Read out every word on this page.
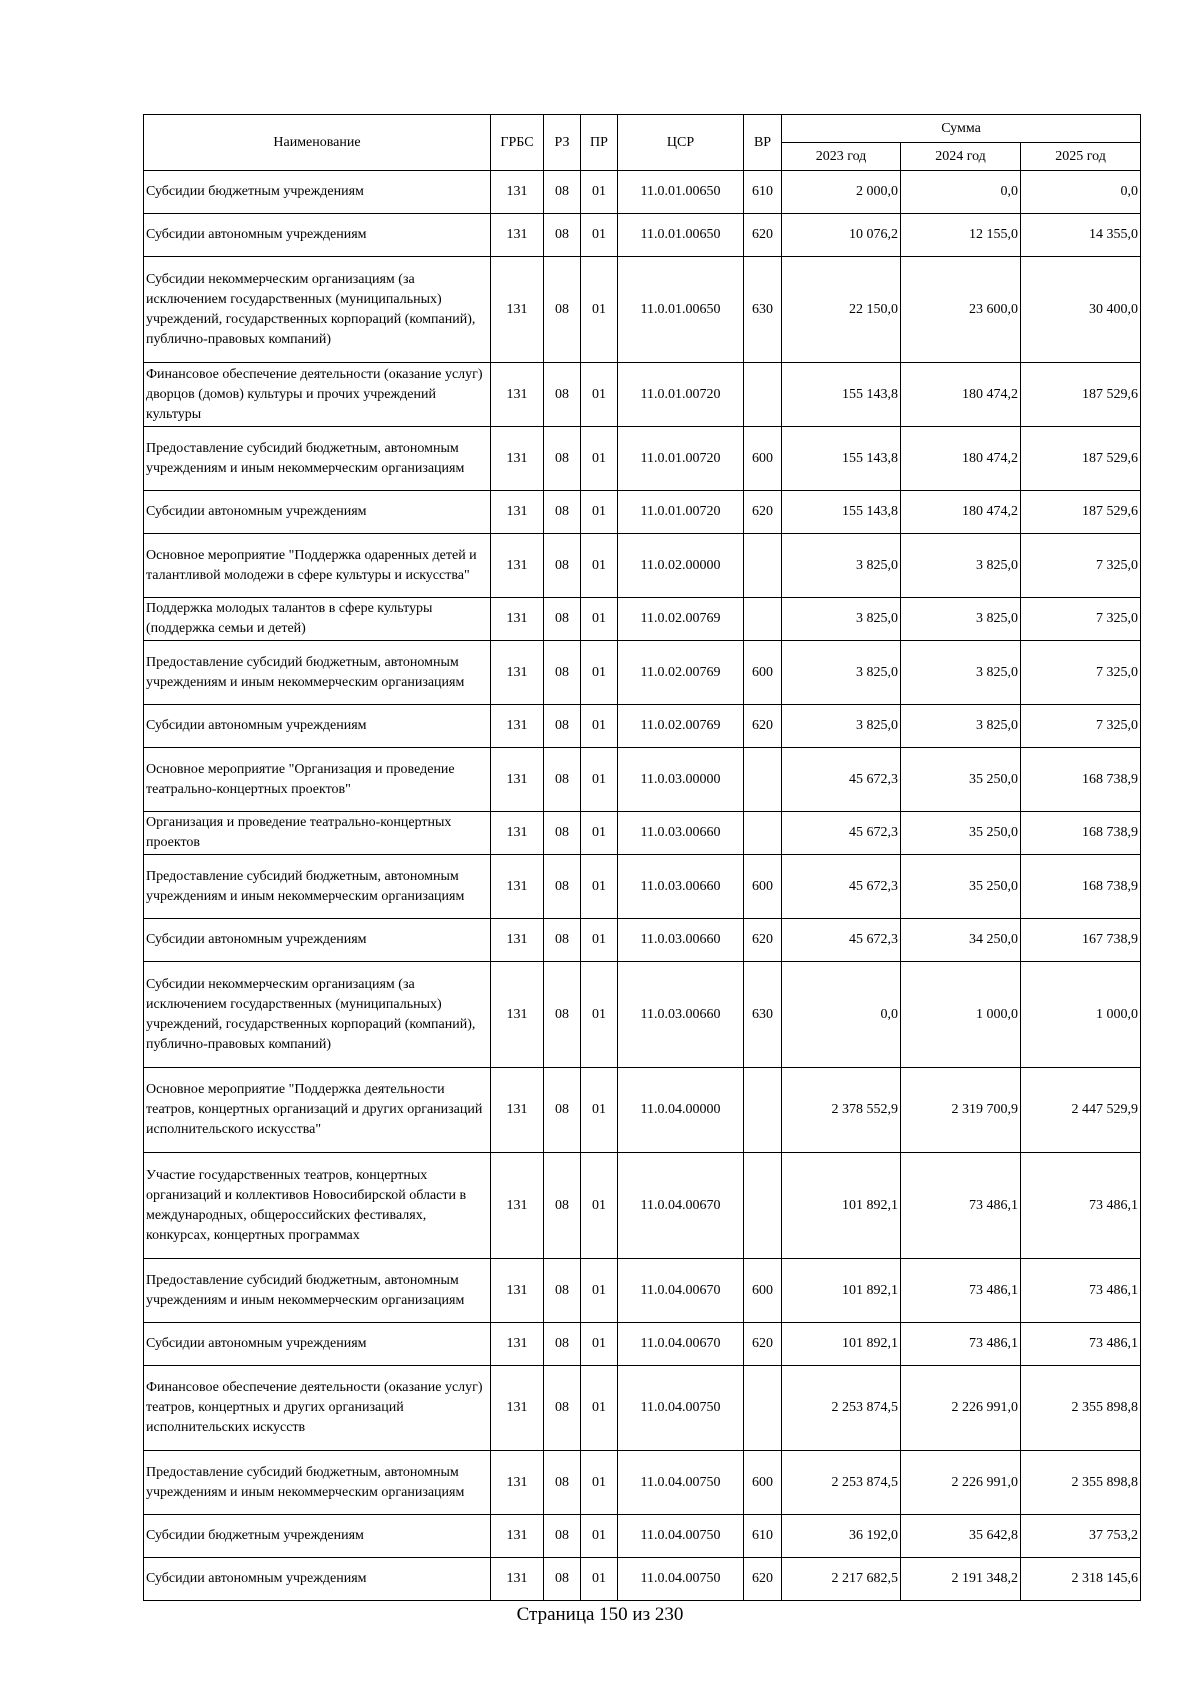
Наименование	ГРБС	РЗ	ПР	ЦСР	ВР	Сумма		
						2023 год	2024 год	2025 год
Субсидии бюджетным учреждениям	131	08	01	11.0.01.00650	610	2 000,0	0,0	0,0
Субсидии автономным учреждениям	131	08	01	11.0.01.00650	620	10 076,2	12 155,0	14 355,0
Субсидии некоммерческим организациям (за исключением государственных (муниципальных) учреждений, государственных корпораций (компаний), публично-правовых компаний)	131	08	01	11.0.01.00650	630	22 150,0	23 600,0	30 400,0
Финансовое обеспечение деятельности (оказание услуг) дворцов (домов) культуры и прочих учреждений культуры	131	08	01	11.0.01.00720		155 143,8	180 474,2	187 529,6
Предоставление субсидий бюджетным, автономным учреждениям и иным некоммерческим организациям	131	08	01	11.0.01.00720	600	155 143,8	180 474,2	187 529,6
Субсидии автономным учреждениям	131	08	01	11.0.01.00720	620	155 143,8	180 474,2	187 529,6
Основное мероприятие "Поддержка одаренных детей и талантливой молодежи в сфере культуры и искусства"	131	08	01	11.0.02.00000		3 825,0	3 825,0	7 325,0
Поддержка молодых талантов в сфере культуры (поддержка семьи и детей)	131	08	01	11.0.02.00769		3 825,0	3 825,0	7 325,0
Предоставление субсидий бюджетным, автономным учреждениям и иным некоммерческим организациям	131	08	01	11.0.02.00769	600	3 825,0	3 825,0	7 325,0
Субсидии автономным учреждениям	131	08	01	11.0.02.00769	620	3 825,0	3 825,0	7 325,0
Основное мероприятие "Организация и проведение театрально-концертных проектов"	131	08	01	11.0.03.00000		45 672,3	35 250,0	168 738,9
Организация и проведение театрально-концертных проектов	131	08	01	11.0.03.00660		45 672,3	35 250,0	168 738,9
Предоставление субсидий бюджетным, автономным учреждениям и иным некоммерческим организациям	131	08	01	11.0.03.00660	600	45 672,3	35 250,0	168 738,9
Субсидии автономным учреждениям	131	08	01	11.0.03.00660	620	45 672,3	34 250,0	167 738,9
Субсидии некоммерческим организациям (за исключением государственных (муниципальных) учреждений, государственных корпораций (компаний), публично-правовых компаний)	131	08	01	11.0.03.00660	630	0,0	1 000,0	1 000,0
Основное мероприятие "Поддержка деятельности театров, концертных организаций и других организаций исполнительского искусства"	131	08	01	11.0.04.00000		2 378 552,9	2 319 700,9	2 447 529,9
Участие государственных театров, концертных организаций и коллективов Новосибирской области в международных, общероссийских фестивалях, конкурсах, концертных программах	131	08	01	11.0.04.00670		101 892,1	73 486,1	73 486,1
Предоставление субсидий бюджетным, автономным учреждениям и иным некоммерческим организациям	131	08	01	11.0.04.00670	600	101 892,1	73 486,1	73 486,1
Субсидии автономным учреждениям	131	08	01	11.0.04.00670	620	101 892,1	73 486,1	73 486,1
Финансовое обеспечение деятельности (оказание услуг) театров, концертных и других организаций исполнительских искусств	131	08	01	11.0.04.00750		2 253 874,5	2 226 991,0	2 355 898,8
Предоставление субсидий бюджетным, автономным учреждениям и иным некоммерческим организациям	131	08	01	11.0.04.00750	600	2 253 874,5	2 226 991,0	2 355 898,8
Субсидии бюджетным учреждениям	131	08	01	11.0.04.00750	610	36 192,0	35 642,8	37 753,2
Субсидии автономным учреждениям	131	08	01	11.0.04.00750	620	2 217 682,5	2 191 348,2	2 318 145,6
Страница 150 из 230
